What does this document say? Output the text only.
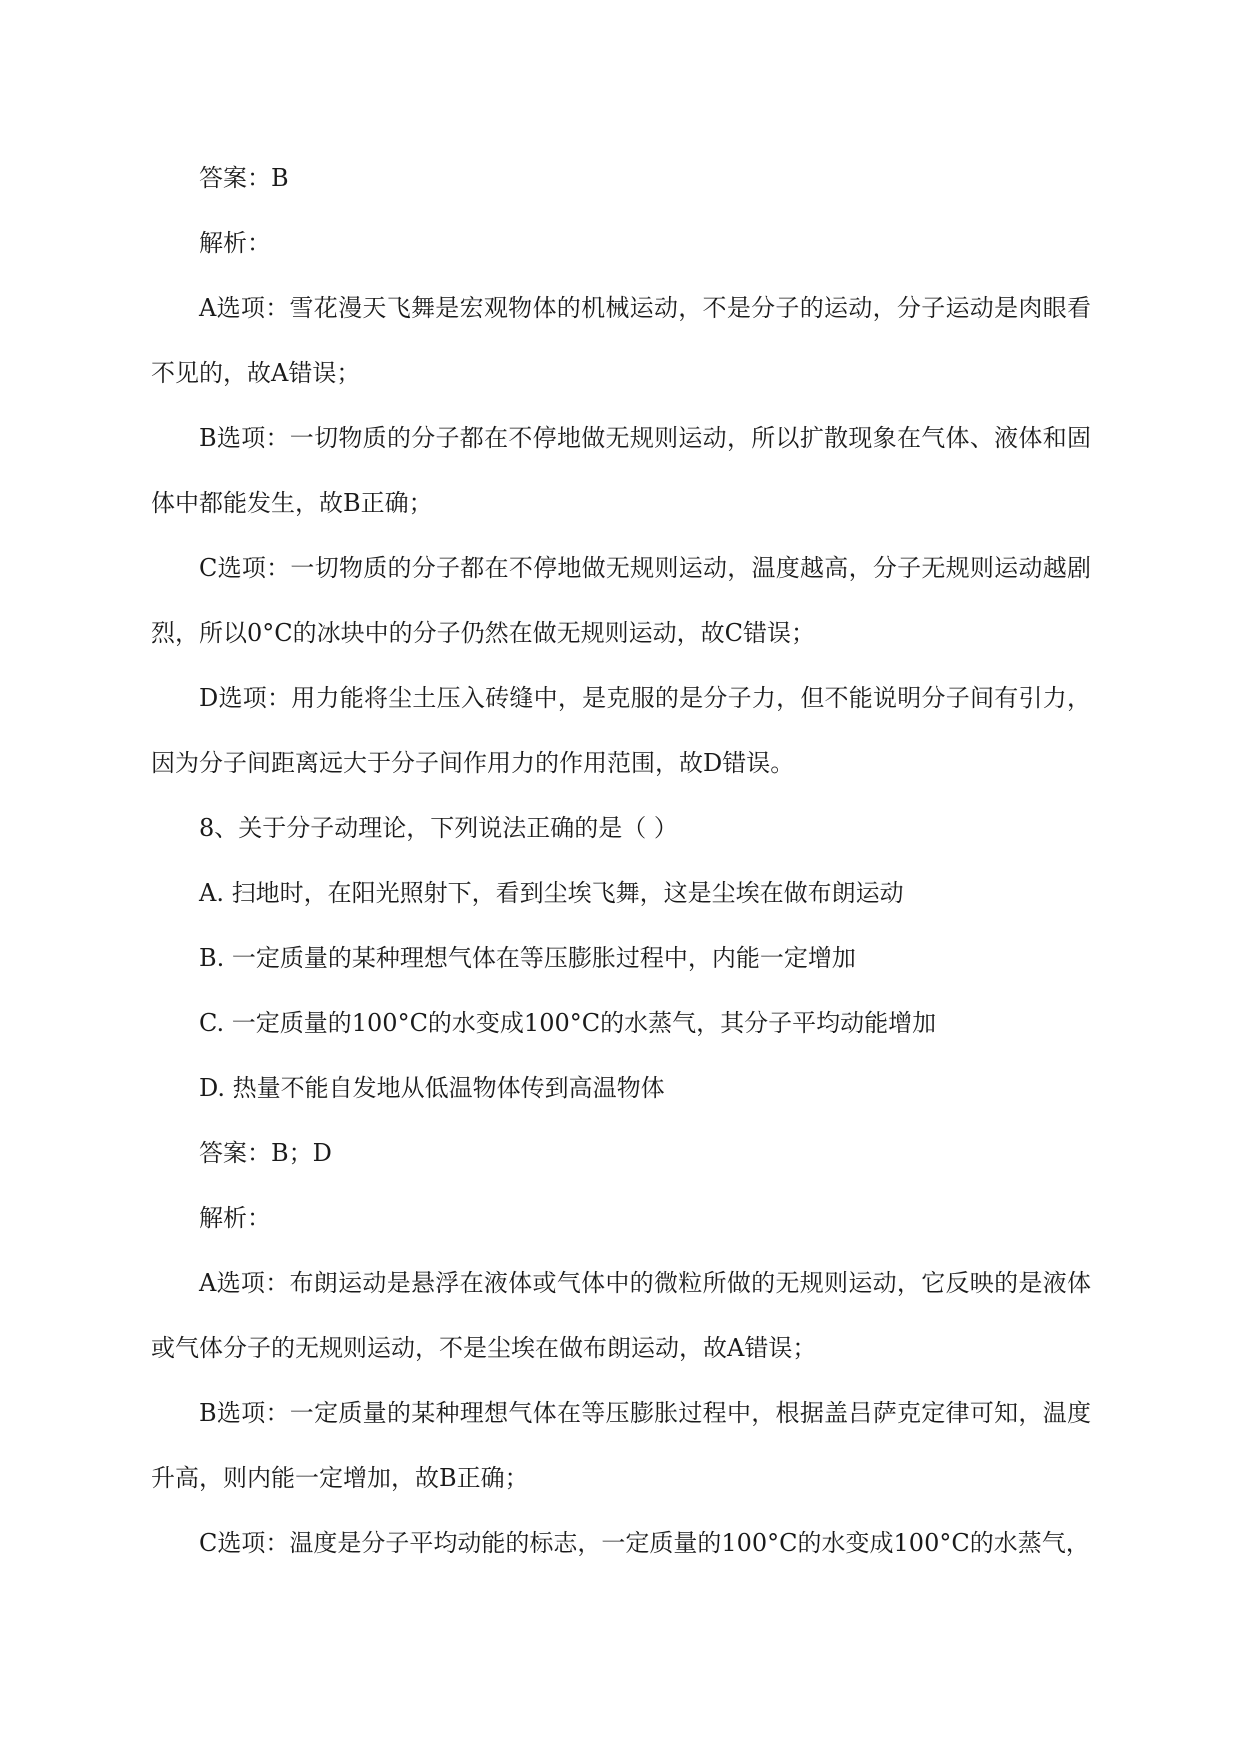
答案：B

解析：

A选项：雪花漫天飞舞是宏观物体的机械运动，不是分子的运动，分子运动是肉眼看不见的，故A错误；

B选项：一切物质的分子都在不停地做无规则运动，所以扩散现象在气体、液体和固体中都能发生，故B正确；

C选项：一切物质的分子都在不停地做无规则运动，温度越高，分子无规则运动越剧烈，所以0°C的冰块中的分子仍然在做无规则运动，故C错误；

D选项：用力能将尘土压入砖缝中，是克服的是分子力，但不能说明分子间有引力，因为分子间距离远大于分子间作用力的作用范围，故D错误。

8、关于分子动理论，下列说法正确的是（ ）

A. 扫地时，在阳光照射下，看到尘埃飞舞，这是尘埃在做布朗运动

B. 一定质量的某种理想气体在等压膨胀过程中，内能一定增加

C. 一定质量的100°C的水变成100°C的水蒸气，其分子平均动能增加

D. 热量不能自发地从低温物体传到高温物体

答案：B；D

解析：

A选项：布朗运动是悬浮在液体或气体中的微粒所做的无规则运动，它反映的是液体或气体分子的无规则运动，不是尘埃在做布朗运动，故A错误；

B选项：一定质量的某种理想气体在等压膨胀过程中，根据盖吕萨克定律可知，温度升高，则内能一定增加，故B正确；

C选项：温度是分子平均动能的标志，一定质量的100°C的水变成100°C的水蒸气，
